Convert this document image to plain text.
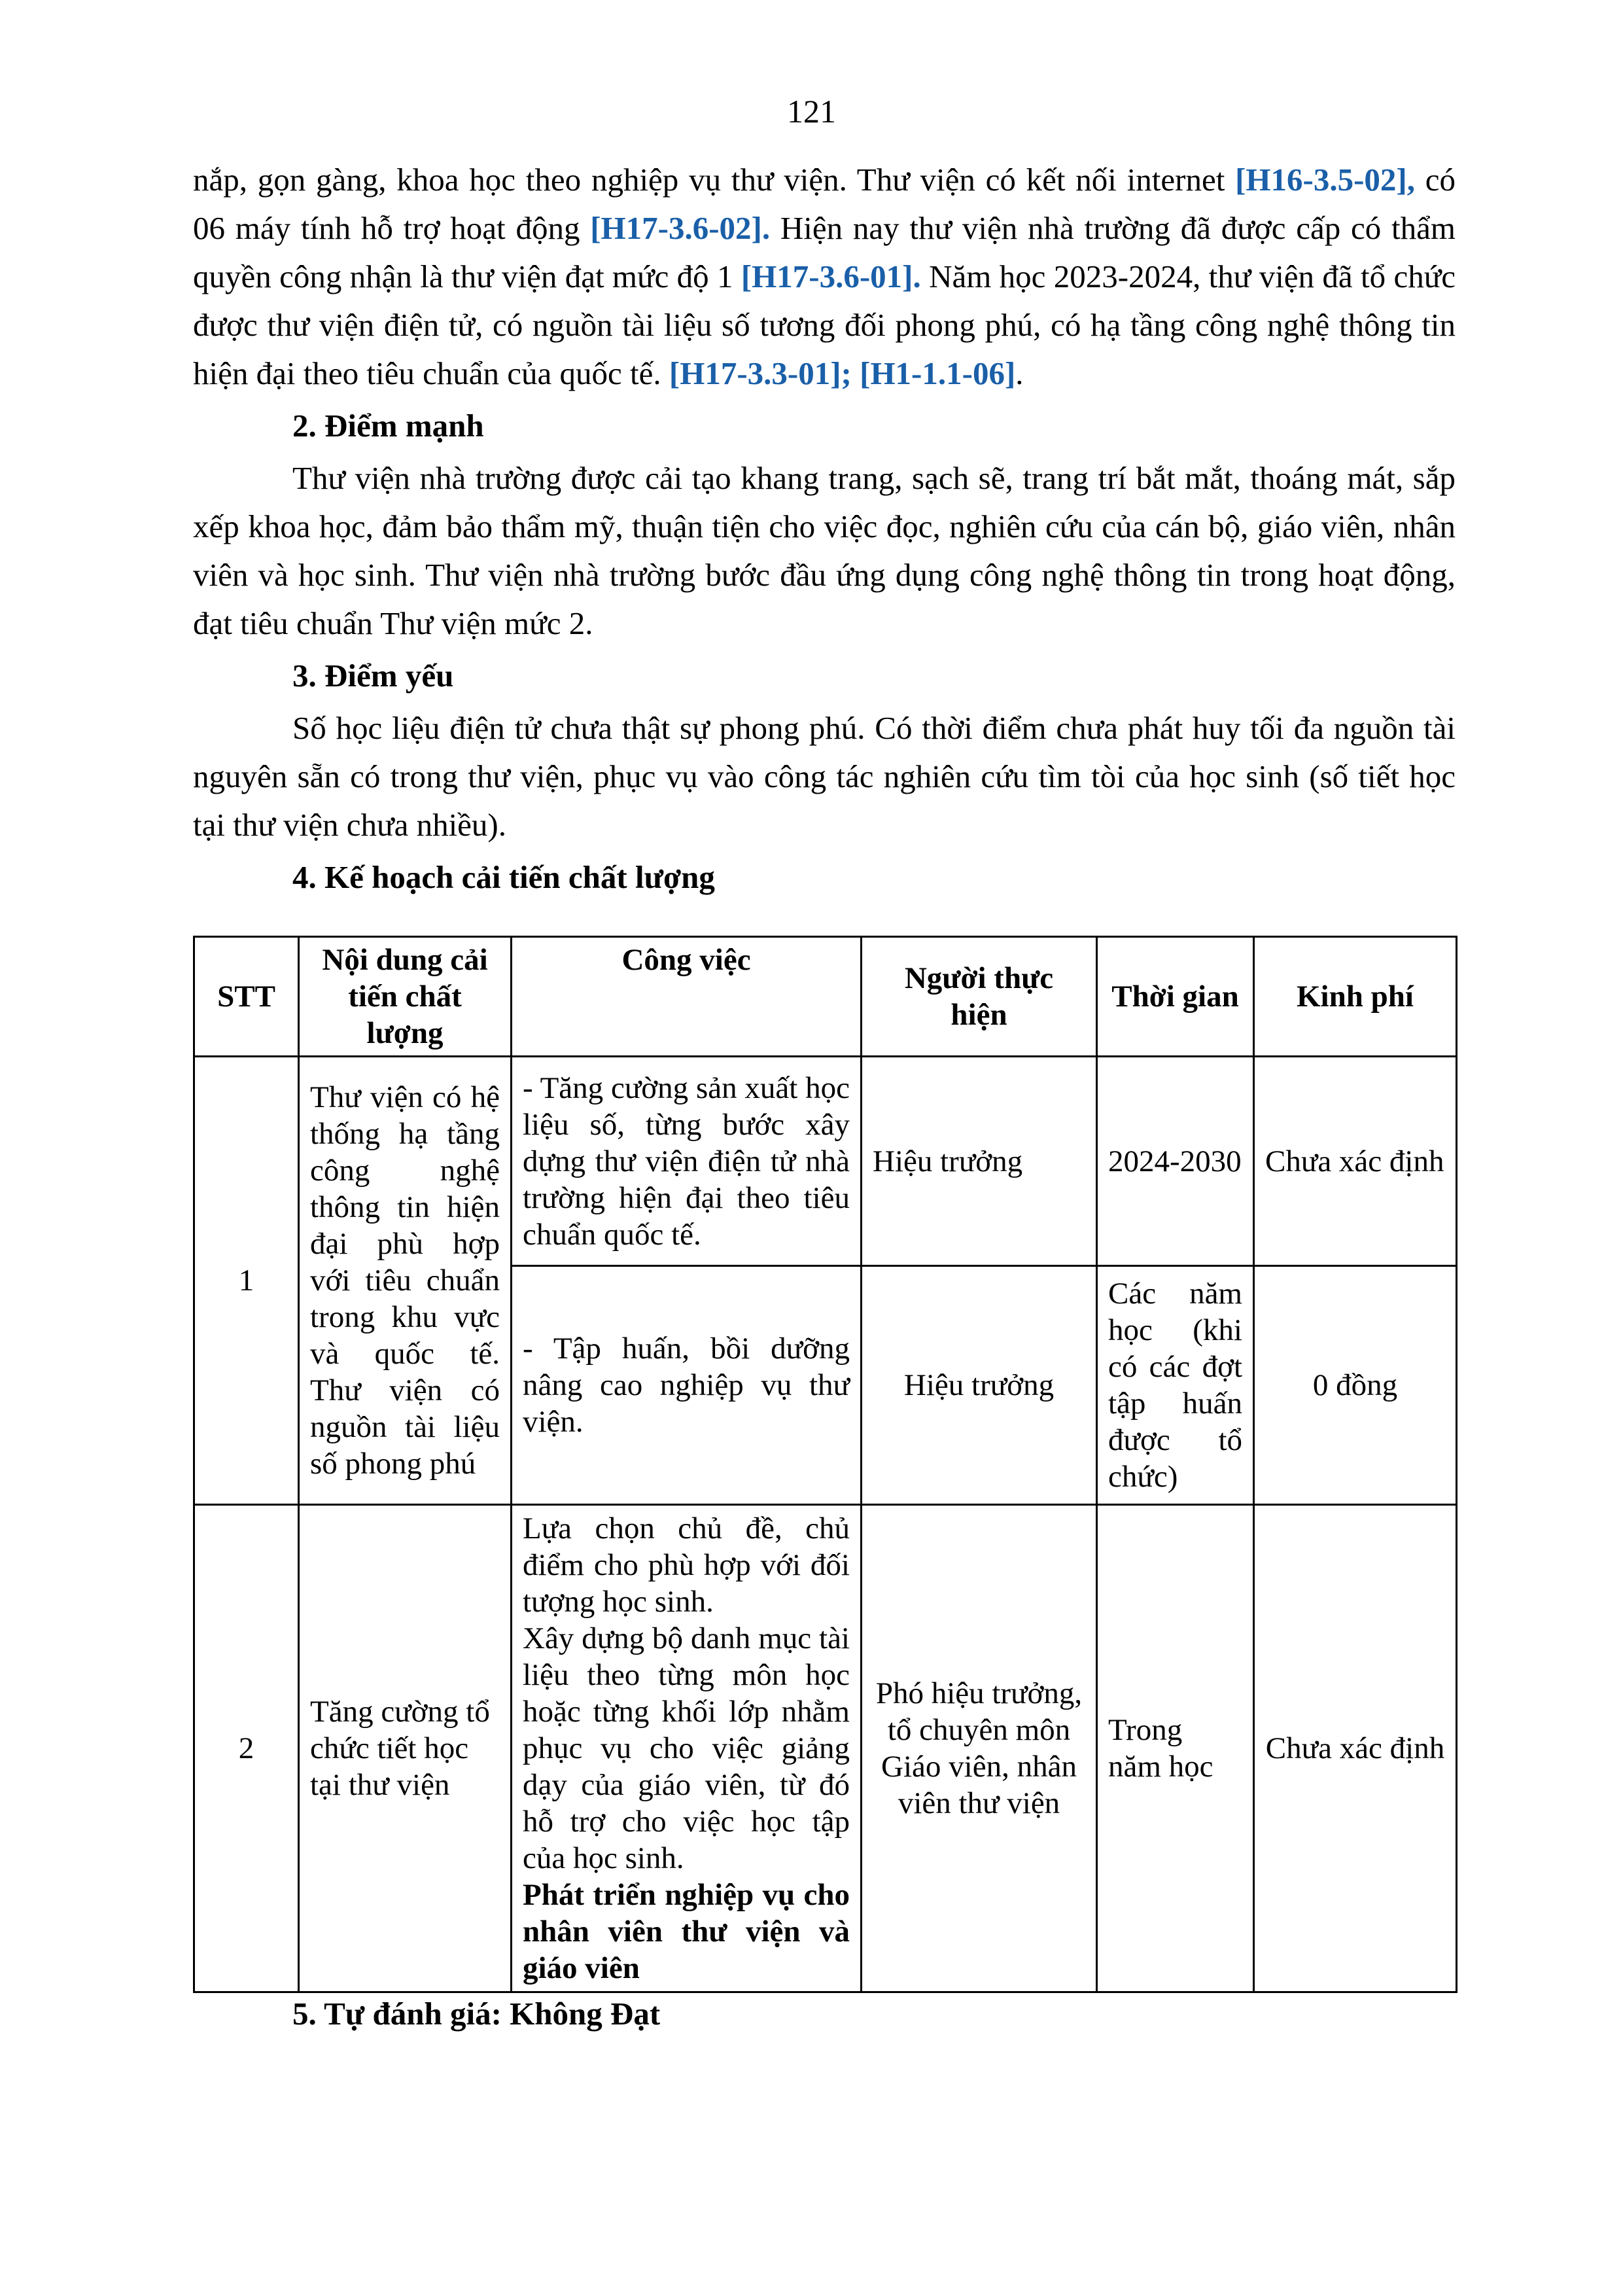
121

nắp, gọn gàng, khoa học theo nghiệp vụ thư viện. Thư viện có kết nối internet [H16-3.5-02], có 06 máy tính hỗ trợ hoạt động [H17-3.6-02]. Hiện nay thư viện nhà trường đã được cấp có thẩm quyền công nhận là thư viện đạt mức độ 1 [H17-3.6-01]. Năm học 2023-2024, thư viện đã tổ chức được thư viện điện tử, có nguồn tài liệu số tương đối phong phú, có hạ tầng công nghệ thông tin hiện đại theo tiêu chuẩn của quốc tế. [H17-3.3-01]; [H1-1.1-06].

2. Điểm mạnh

Thư viện nhà trường được cải tạo khang trang, sạch sẽ, trang trí bắt mắt, thoáng mát, sắp xếp khoa học, đảm bảo thẩm mỹ, thuận tiện cho việc đọc, nghiên cứu của cán bộ, giáo viên, nhân viên và học sinh. Thư viện nhà trường bước đầu ứng dụng công nghệ thông tin trong hoạt động, đạt tiêu chuẩn Thư viện mức 2.

3. Điểm yếu

Số học liệu điện tử chưa thật sự phong phú. Có thời điểm chưa phát huy tối đa nguồn tài nguyên sẵn có trong thư viện, phục vụ vào công tác nghiên cứu tìm tòi của học sinh (số tiết học tại thư viện chưa nhiều).

4. Kế hoạch cải tiến chất lượng
STT	Nội dung cải tiến chất lượng	Công việc	Người thực hiện	Thời gian	Kinh phí
1	Thư viện có hệ thống hạ tầng công nghệ thông tin hiện đại phù hợp với tiêu chuẩn trong khu vực và quốc tế. Thư viện có nguồn tài liệu số phong phú	- Tăng cường sản xuất học liệu số, từng bước xây dựng thư viện điện tử nhà trường hiện đại theo tiêu chuẩn quốc tế.	Hiệu trưởng	2024-2030	Chưa xác định
		- Tập huấn, bồi dưỡng nâng cao nghiệp vụ thư viện.	Hiệu trưởng	Các năm học (khi có các đợt tập huấn được tổ chức)	0 đồng
2	Tăng cường tổ chức tiết học tại thư viện	Lựa chọn chủ đề, chủ điểm cho phù hợp với đối tượng học sinh.
Xây dựng bộ danh mục tài liệu theo từng môn học hoặc từng khối lớp nhằm phục vụ cho việc giảng dạy của giáo viên, từ đó hỗ trợ cho việc học tập của học sinh.
Phát triển nghiệp vụ cho nhân viên thư viện và giáo viên	Phó hiệu trưởng, tổ chuyên môn Giáo viên, nhân viên thư viện	Trong năm học	Chưa xác định
5. Tự đánh giá: Không Đạt
